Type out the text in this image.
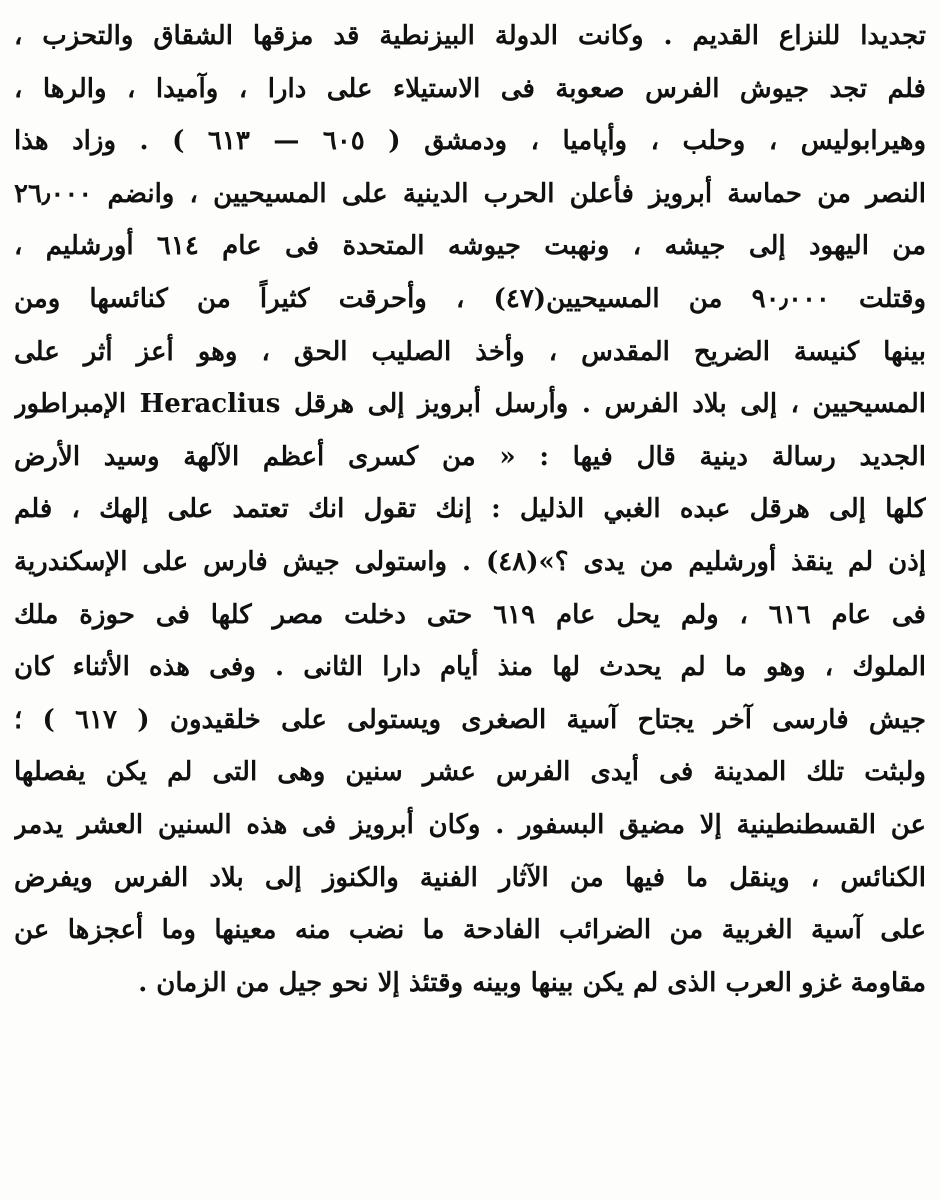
تجديدا للنزاع القديم . وكانت الدولة البيزنطية قد مزقها الشقاق والتحزب ،
فلم تجد جيوش الفرس صعوبة فى الاستيلاء على دارا ، وآميدا ، والرها ،
وهيرابوليس ، وحلب ، وأپاميا ، ودمشق ( ٦٠٥ — ٦١٣ ) . وزاد هذا
النصر من حماسة أبرويز فأعلن الحرب الدينية على المسيحيين ، وانضم ٢٦٫٠٠٠
من اليهود إلى جيشه ، ونهبت جيوشه المتحدة فى عام ٦١٤ أورشليم ،
وقتلت ٩٠٫٠٠٠ من المسيحيين(٤٧) ، وأحرقت كثيراً من كنائسها ومن
بينها كنيسة الضريح المقدس ، وأخذ الصليب الحق ، وهو أعز أثر على
المسيحيين ، إلى بلاد الفرس . وأرسل أبرويز إلى هرقل Heraclius الإمبراطور
الجديد رسالة دينية قال فيها : « من كسرى أعظم الآلهة وسيد الأرض
كلها إلى هرقل عبده الغبي الذليل : إنك تقول انك تعتمد على إلهك ، فلم
إذن لم ينقذ أورشليم من يدى ؟»(٤٨) . واستولى جيش فارس على الإسكندرية
فى عام ٦١٦ ، ولم يحل عام ٦١٩ حتى دخلت مصر كلها فى حوزة ملك
الملوك ، وهو ما لم يحدث لها منذ أيام دارا الثانى . وفى هذه الأثناء كان
جيش فارسى آخر يجتاح آسية الصغرى ويستولى على خلقيدون ( ٦١٧ ) ؛
ولبثت تلك المدينة فى أيدى الفرس عشر سنين وهى التى لم يكن يفصلها
عن القسطنطينية إلا مضيق البسفور . وكان أبرويز فى هذه السنين العشر يدمر
الكنائس ، وينقل ما فيها من الآثار الفنية والكنوز إلى بلاد الفرس ويفرض
على آسية الغربية من الضرائب الفادحة ما نضب منه معينها وما أعجزها عن
مقاومة غزو العرب الذى لم يكن بينها وبينه وقتئذ إلا نحو جيل من الزمان .
